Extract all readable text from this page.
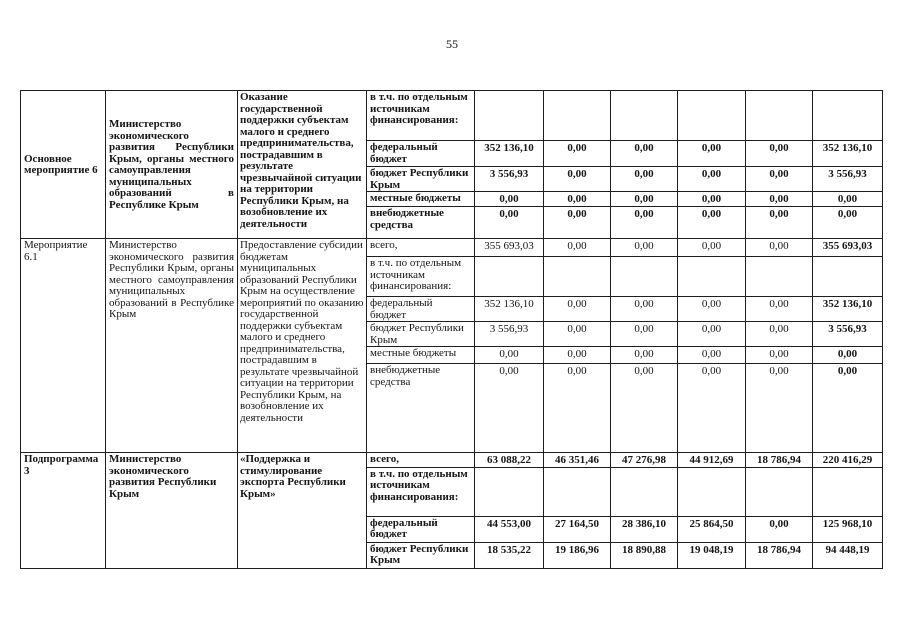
55
Основное мероприятие 6	Министерство экономического развития Республики Крым, органы местного самоуправления муниципальных образований в Республике Крым	Оказание государственной поддержки субъектам малого и среднего предпринимательства, пострадавшим в результате чрезвычайной ситуации на территории Республики Крым, на возобновление их деятельности	в т.ч. по отдельным источникам финансирования:						
			федеральный бюджет	352 136,10	0,00	0,00	0,00	0,00	352 136,10
			бюджет Республики Крым	3 556,93	0,00	0,00	0,00	0,00	3 556,93
			местные бюджеты	0,00	0,00	0,00	0,00	0,00	0,00
			внебюджетные средства	0,00	0,00	0,00	0,00	0,00	0,00
Мероприятие 6.1	Министерство экономического развития Республики Крым, органы местного самоуправления муниципальных образований в Республике Крым	Предоставление субсидии бюджетам муниципальных образований Республики Крым на осуществление мероприятий по оказанию государственной поддержки субъектам малого и среднего предпринимательства, пострадавшим в результате чрезвычайной ситуации на территории Республики Крым, на возобновление их деятельности	всего,	355 693,03	0,00	0,00	0,00	0,00	355 693,03
			в т.ч. по отдельным источникам финансирования:						
			федеральный бюджет	352 136,10	0,00	0,00	0,00	0,00	352 136,10
			бюджет Республики Крым	3 556,93	0,00	0,00	0,00	0,00	3 556,93
			местные бюджеты	0,00	0,00	0,00	0,00	0,00	0,00
			внебюджетные средства	0,00	0,00	0,00	0,00	0,00	0,00
Подпрограмма 3	Министерство экономического развития Республики Крым	«Поддержка и стимулирование экспорта Республики Крым»	всего,	63 088,22	46 351,46	47 276,98	44 912,69	18 786,94	220 416,29
			в т.ч. по отдельным источникам финансирования:						
			федеральный бюджет	44 553,00	27 164,50	28 386,10	25 864,50	0,00	125 968,10
			бюджет Республики Крым	18 535,22	19 186,96	18 890,88	19 048,19	18 786,94	94 448,19
